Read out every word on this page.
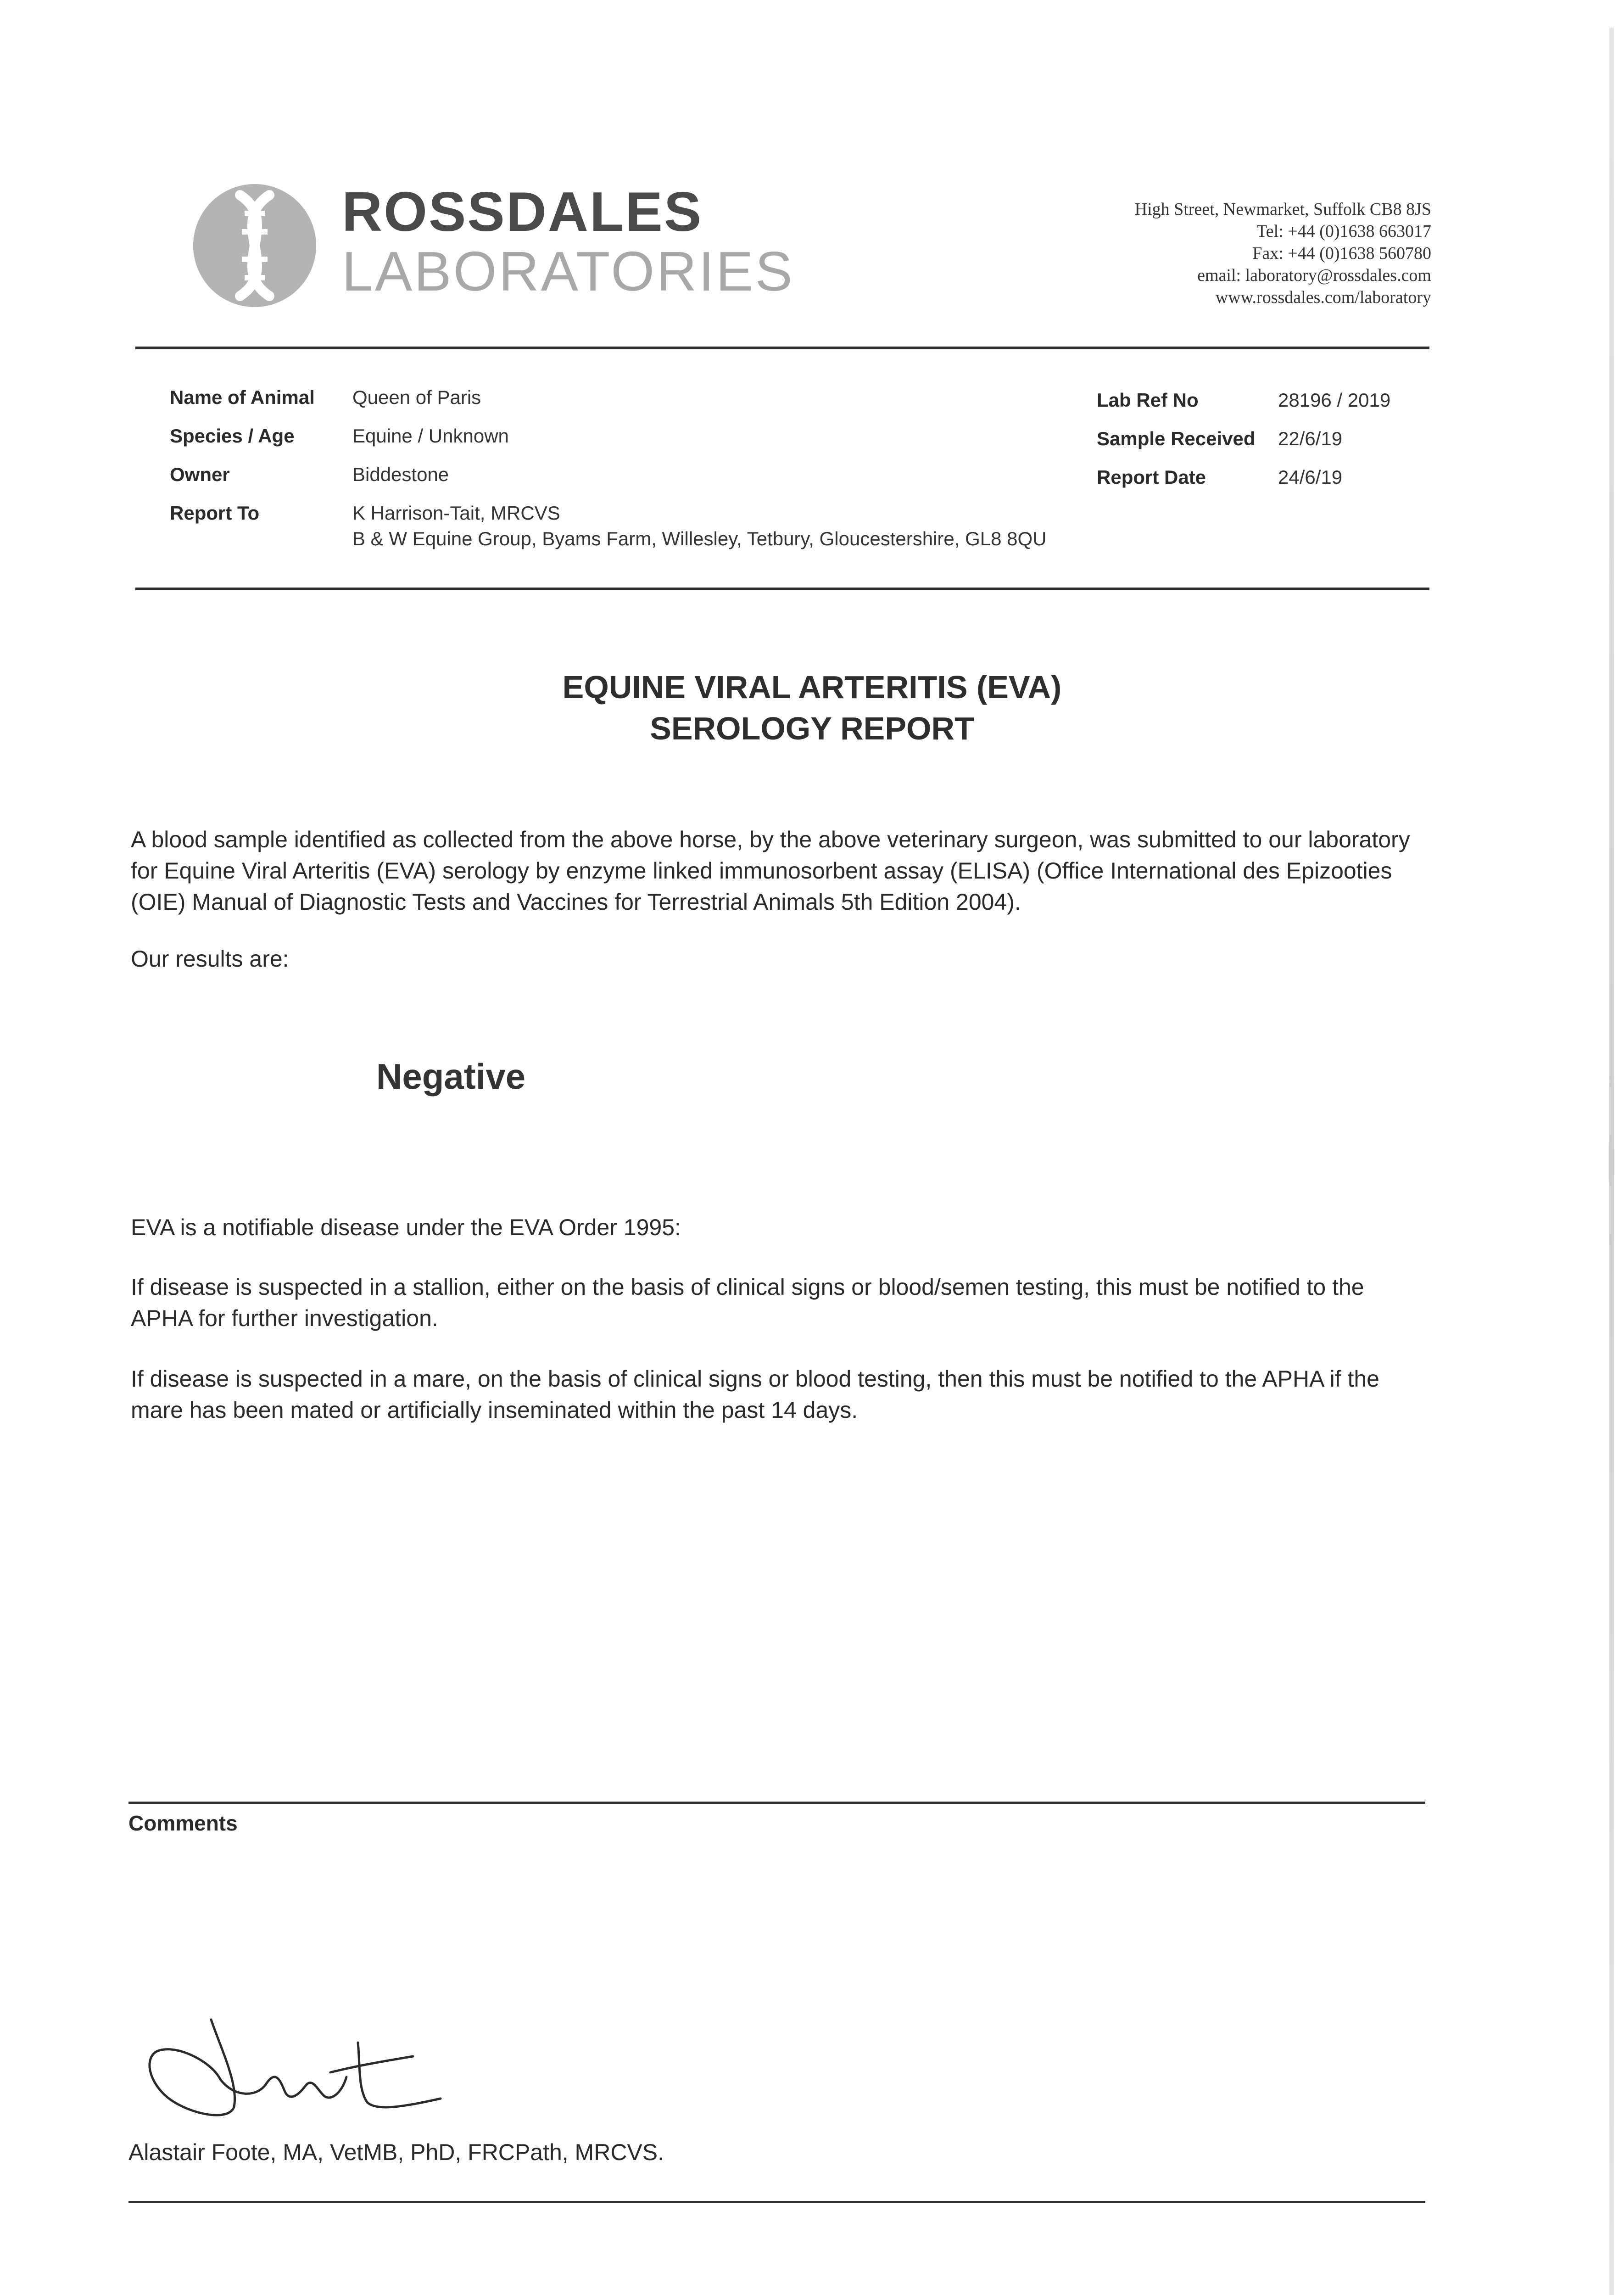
ROSSDALES
LABORATORIES
High Street, Newmarket, Suffolk CB8 8JS
Tel: +44 (0)1638 663017
Fax: +44 (0)1638 560780
email: laboratory@rossdales.com
www.rossdales.com/laboratory
Name of Animal Queen of Paris
Species / Age	Equine / Unknown
Owner	Biddestone
Report To	K Harrison-Tait, MRCVS
B & W Equine Group, Byams Farm, Willesley, Tetbury, Gloucestershire, GL8 8QU
Lab Ref No	28196 / 2019
Sample Received 22/6/19
Report Date	24/6/19
EQUINE VIRAL ARTERITIS (EVA)
SEROLOGY REPORT
A blood sample identified as collected from the above horse, by the above veterinary surgeon, was submitted to our laboratory for Equine Viral Arteritis (EVA) serology by enzyme linked immunosorbent assay (ELISA) (Office International des Epizooties (OIE) Manual of Diagnostic Tests and Vaccines for Terrestrial Animals 5th Edition 2004).
Our results are:
Negative
EVA is a notifiable disease under the EVA Order 1995:
If disease is suspected in a stallion, either on the basis of clinical signs or blood/semen testing, this must be notified to the APHA for further investigation.
If disease is suspected in a mare, on the basis of clinical signs or blood testing, then this must be notified to the APHA if the mare has been mated or artificially inseminated within the past 14 days.
Comments
Alastair Foote, MA, VetMB, PhD, FRCPath, MRCVS.
